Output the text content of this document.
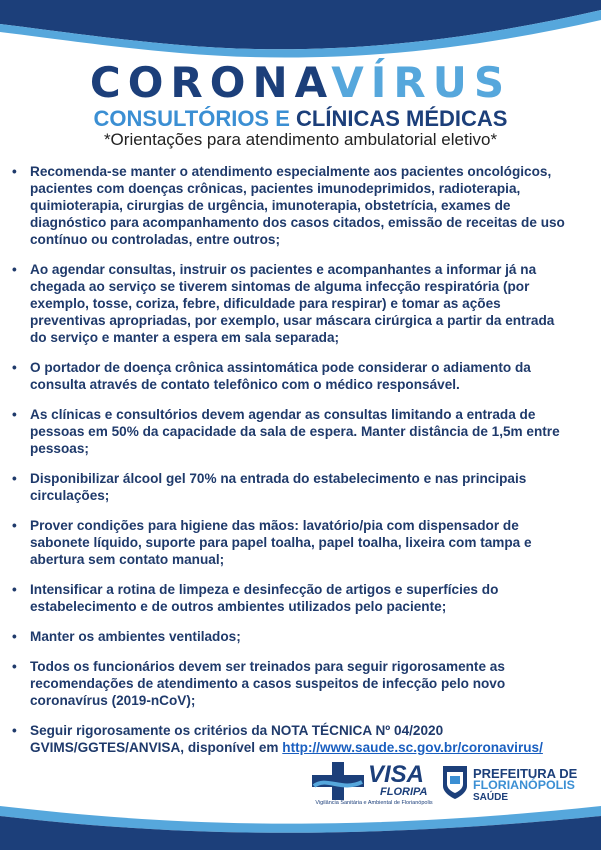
CORONAVÍRUS
CONSULTÓRIOS E CLÍNICAS MÉDICAS

*Orientações para atendimento ambulatorial eletivo*

• Recomenda-se manter o atendimento especialmente aos pacientes oncológicos, pacientes com doenças crônicas, pacientes imunodeprimidos, radioterapia, quimioterapia, cirurgias de urgência, imunoterapia, obstetrícia, exames de diagnóstico para acompanhamento dos casos citados, emissão de receitas de uso contínuo ou controladas, entre outros;
• Ao agendar consultas, instruir os pacientes e acompanhantes a informar já na chegada ao serviço se tiverem sintomas de alguma infecção respiratória (por exemplo, tosse, coriza, febre, dificuldade para respirar) e tomar as ações preventivas apropriadas, por exemplo, usar máscara cirúrgica a partir da entrada do serviço e manter a espera em sala separada;
• O portador de doença crônica assintomática pode considerar o adiamento da consulta através de contato telefônico com o médico responsável.
• As clínicas e consultórios devem agendar as consultas limitando a entrada de pessoas em 50% da capacidade da sala de espera. Manter distância de 1,5m entre pessoas;
• Disponibilizar álcool gel 70% na entrada do estabelecimento e nas principais circulações;
• Prover condições para higiene das mãos: lavatório/pia com dispensador de sabonete líquido, suporte para papel toalha, papel toalha, lixeira com tampa e abertura sem contato manual;
• Intensificar a rotina de limpeza e desinfecção de artigos e superfícies do estabelecimento e de outros ambientes utilizados pelo paciente;
• Manter os ambientes ventilados;
• Todos os funcionários devem ser treinados para seguir rigorosamente as recomendações de atendimento a casos suspeitos de infecção pelo novo coronavírus (2019-nCoV);
• Seguir rigorosamente os critérios da NOTA TÉCNICA Nº 04/2020 GVIMS/GGTES/ANVISA, disponível em http://www.saude.sc.gov.br/coronavirus/
VISA
FLORIPA
Vigilância Sanitária e Ambiental de Florianópolis
PREFEITURA DE
FLORIANÓPOLIS
SAÚDE
